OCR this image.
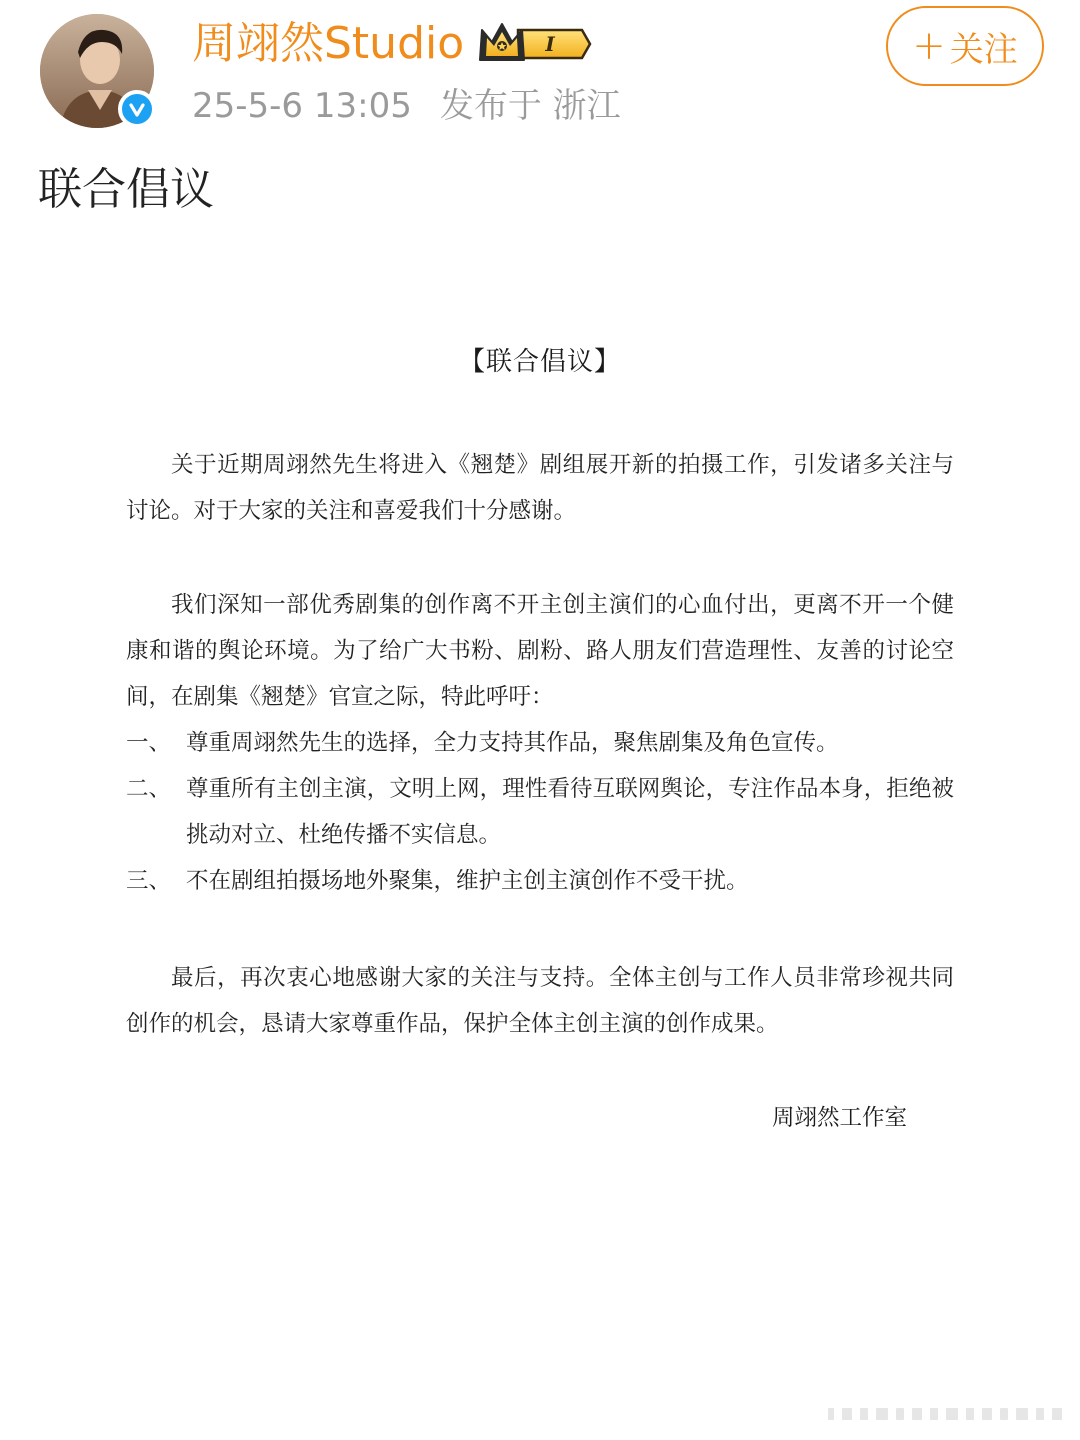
周翊然Studio	I
25-5-6 13:05 发布于 浙江
+ 关注
联合倡议
【联合倡议】

关于近期周翊然先生将进入《翘楚》剧组展开新的拍摄工作，引发诸多关注与讨论。对于大家的关注和喜爱我们十分感谢。

我们深知一部优秀剧集的创作离不开主创主演们的心血付出，更离不开一个健康和谐的舆论环境。为了给广大书粉、剧粉、路人朋友们营造理性、友善的讨论空间，在剧集《翘楚》官宣之际，特此呼吁：

一、 尊重周翊然先生的选择，全力支持其作品，聚焦剧集及角色宣传。
二、 尊重所有主创主演，文明上网，理性看待互联网舆论，专注作品本身，拒绝被挑动对立、杜绝传播不实信息。
三、 不在剧组拍摄场地外聚集，维护主创主演创作不受干扰。

最后，再次衷心地感谢大家的关注与支持。全体主创与工作人员非常珍视共同创作的机会，恳请大家尊重作品，保护全体主创主演的创作成果。

周翊然工作室
